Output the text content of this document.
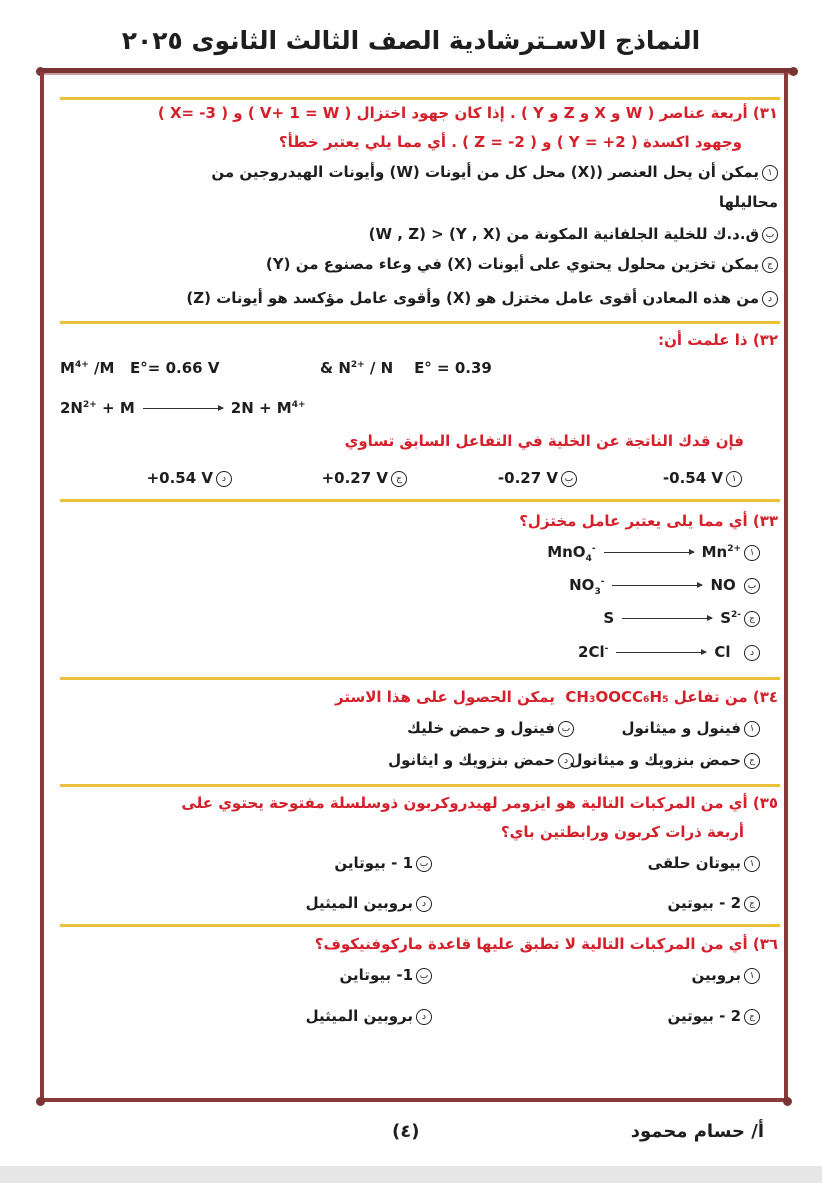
النماذج الاسـترشادية الصف الثالث الثانوى ٢٠٢٥
٣١) أربعة عناصر ( W و X و Z و Y ) . إذا كان جهود اختزال ( V+ 1 = W ) و ( 3- =X )
وجهود اكسدة ( 2+ = Y ) و ( 2- = Z ) . أي مما يلي يعتبر خطأ؟
١يمكن أن يحل العنصر ((X) محل كل من أيونات (W) وأيونات الهيدروجين من
محاليلها
بق.د.ك للخلية الجلفانية المكونة من (Y , X) < (W , Z)
جيمكن تخزين محلول يحتوي على أيونات (X) في وعاء مصنوع من (Y)
دمن هذه المعادن أقوى عامل مختزل هو (X) وأقوى عامل مؤكسد هو أيونات (Z)
٣٢) ذا علمت أن:
$M^{4+}$ /M   E°= 0.66 V	& $N^{2+}$ / N    E° = 0.39
$2N^{2+} + M$	$2N + M^{4+}$
فإن قدك الناتجة عن الخلية في التفاعل السابق تساوي
١-0.54 V
ب-0.27 V
ج+0.27 V
د+0.54 V
٣٣) أي مما يلى يعتبر عامل مختزل؟
١MnO$_4$-	$Mn^{2+}$
بNO$_3$-	NO
جS	$S^{2-}$
د2Cl-	Cl
٣٤) من تفاعل CH₃OOCC₆H₅  يمكن الحصول على هذا الاستر
١فينول و ميثانول
بفينول و حمض خليك
جحمض بنزويك و ميثانول
دحمض بنزويك و ايثانول
٣٥) أي من المركبات التالية هو ايزومر لهيدروكربون ذوسلسلة مفتوحة يحتوي على
أربعة ذرات كربون ورابطتين باي؟
١بيوتان حلقى
ب1 - بيوتاين
ج2 - بيوتين
دبروبين الميثيل
٣٦) أي من المركبات التالية لا تطبق عليها قاعدة ماركوفنيكوف؟
١بروبين
ب1- بيوتاين
ج2 - بيوتين
دبروبين الميثيل
(٤)	أ/ حسام محمود
